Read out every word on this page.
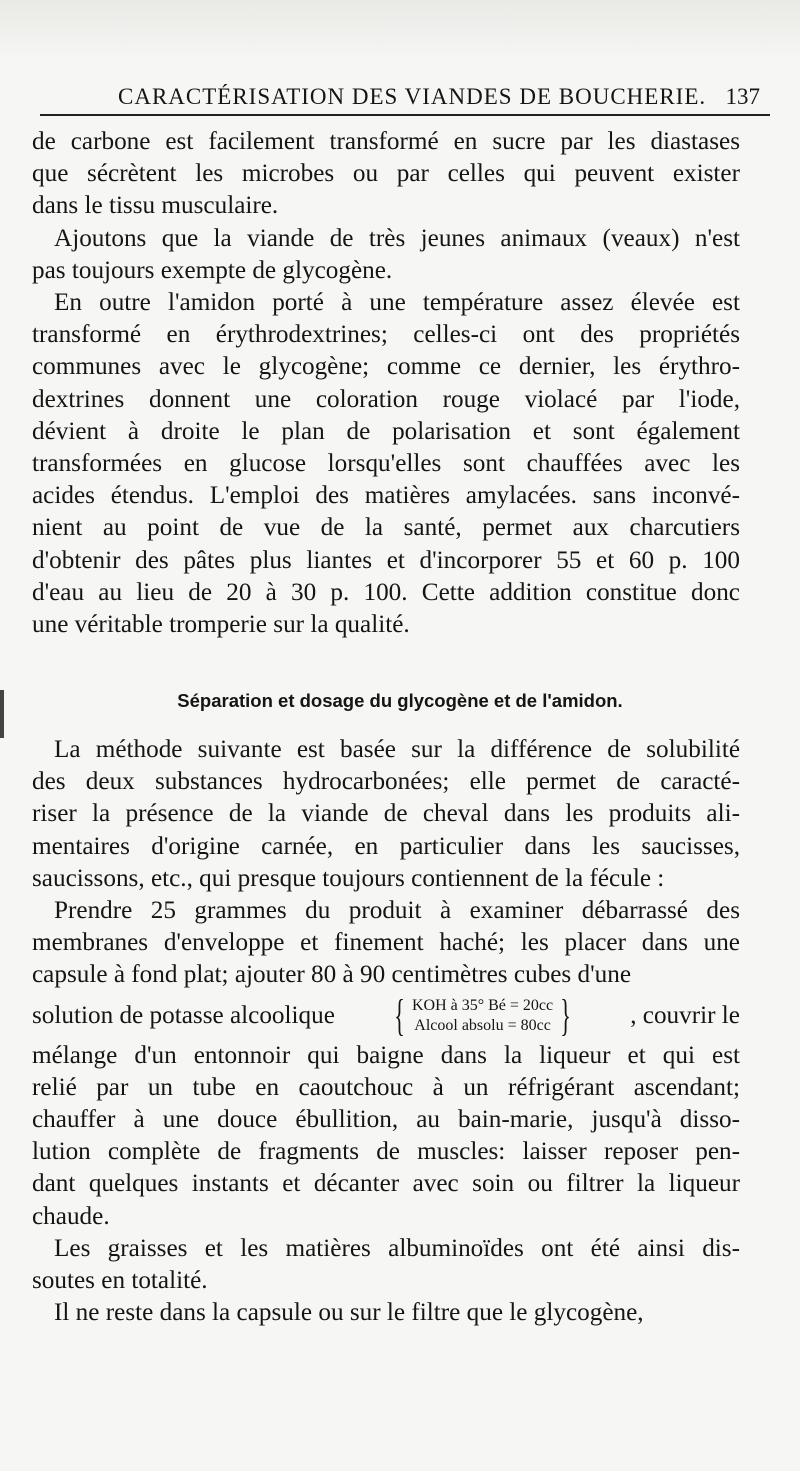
CARACTÉRISATION DES VIANDES DE BOUCHERIE. 137

de carbone est facilement transformé en sucre par les diastases

que sécrètent les microbes ou par celles qui peuvent exister

dans le tissu musculaire.

Ajoutons que la viande de très jeunes animaux (veaux) n'est

pas toujours exempte de glycogène.

En outre l'amidon porté à une température assez élevée est

transformé en érythrodextrines; celles-ci ont des propriétés

communes avec le glycogène; comme ce dernier, les érythro-

dextrines donnent une coloration rouge violacé par l'iode,

dévient à droite le plan de polarisation et sont également

transformées en glucose lorsqu'elles sont chauffées avec les

acides étendus. L'emploi des matières amylacées. sans inconvé-

nient au point de vue de la santé, permet aux charcutiers

d'obtenir des pâtes plus liantes et d'incorporer 55 et 60 p. 100

d'eau au lieu de 20 à 30 p. 100. Cette addition constitue donc

une véritable tromperie sur la qualité.

Séparation et dosage du glycogène et de l'amidon.

La méthode suivante est basée sur la différence de solubilité

des deux substances hydrocarbonées; elle permet de caracté-

riser la présence de la viande de cheval dans les produits ali-

mentaires d'origine carnée, en particulier dans les saucisses,

saucissons, etc., qui presque toujours contiennent de la fécule :

Prendre 25 grammes du produit à examiner débarrassé des

membranes d'enveloppe et finement haché; les placer dans une

capsule à fond plat; ajouter 80 à 90 centimètres cubes d'une

solution de potasse alcoolique { KOH à 35° Bé = 20cc
Alcool absolu = 80cc } , couvrir le

mélange d'un entonnoir qui baigne dans la liqueur et qui est

relié par un tube en caoutchouc à un réfrigérant ascendant;

chauffer à une douce ébullition, au bain-marie, jusqu'à disso-

lution complète de fragments de muscles: laisser reposer pen-

dant quelques instants et décanter avec soin ou filtrer la liqueur

chaude.

Les graisses et les matières albuminoïdes ont été ainsi dis-

soutes en totalité.

Il ne reste dans la capsule ou sur le filtre que le glycogène,
